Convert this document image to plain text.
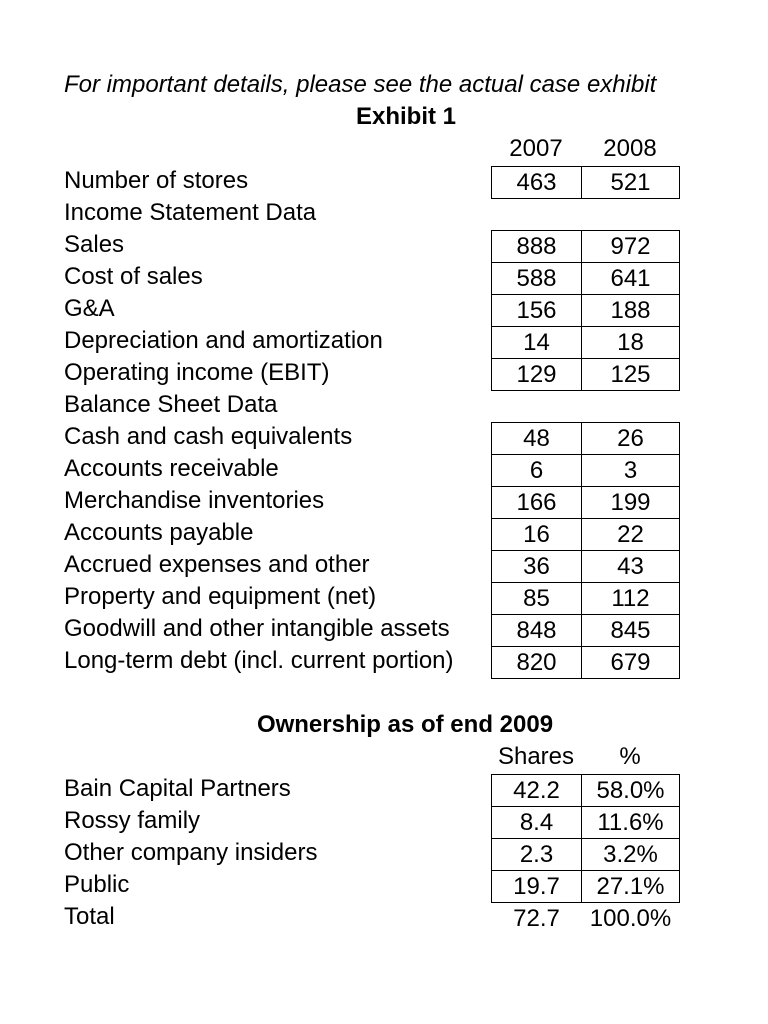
For important details, please see the actual case exhibit
Exhibit 1
2007	2008
Number of stores	463	521
Income Statement Data
Sales	888	972
Cost of sales	588	641
G&A	156	188
Depreciation and amortization	14	18
Operating income (EBIT)	129	125
Balance Sheet Data
Cash and cash equivalents	48	26
Accounts receivable	6	3
Merchandise inventories	166	199
Accounts payable	16	22
Accrued expenses and other	36	43
Property and equipment (net)	85	112
Goodwill and other intangible assets	848	845
Long-term debt (incl. current portion)	820	679
Ownership as of end 2009
Shares	%
Bain Capital Partners	42.2	58.0%
Rossy family	8.4	11.6%
Other company insiders	2.3	3.2%
Public	19.7	27.1%
Total	72.7	100.0%
